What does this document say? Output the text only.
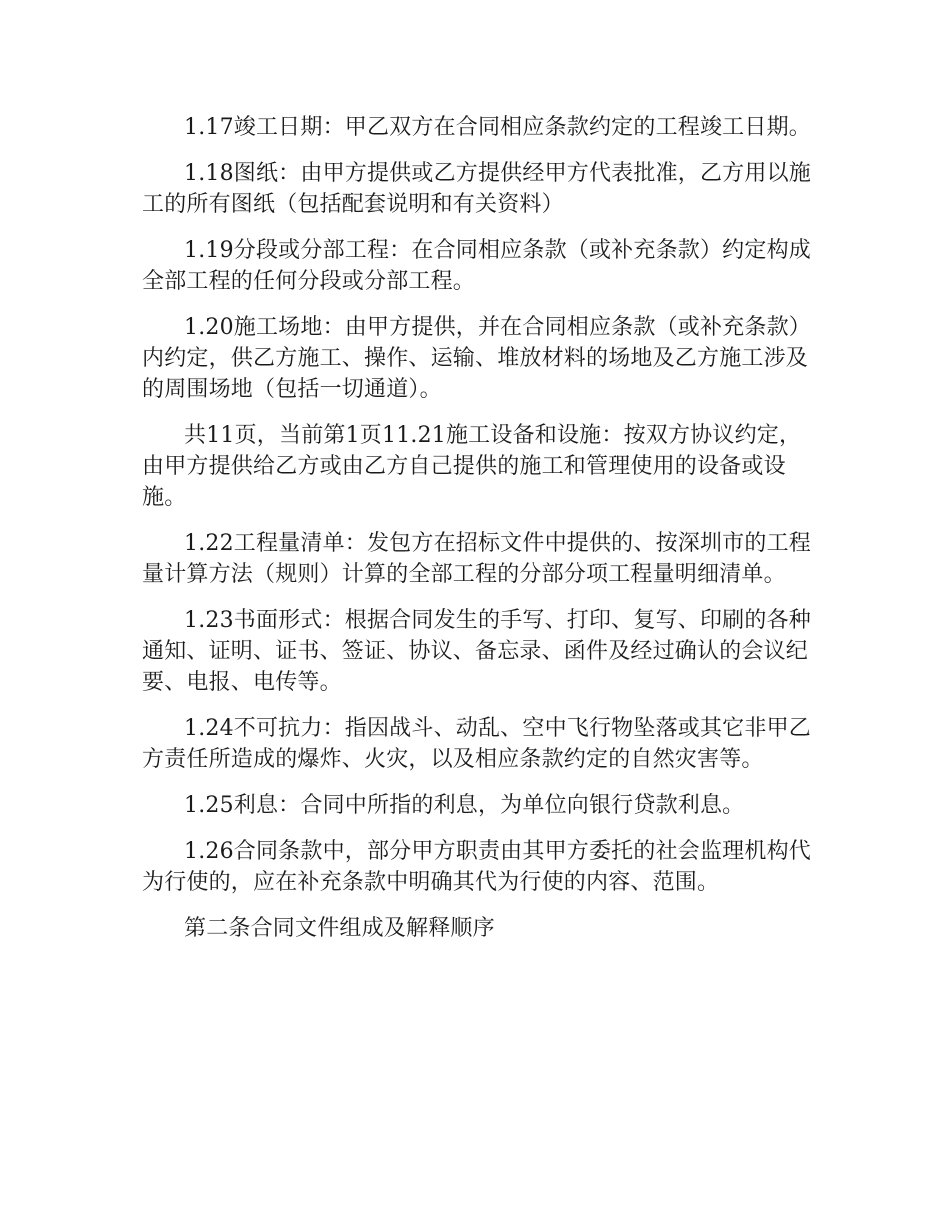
1.17竣工日期：甲乙双方在合同相应条款约定的工程竣工日期。

1.18图纸：由甲方提供或乙方提供经甲方代表批准，乙方用以施工的所有图纸（包括配套说明和有关资料）

1.19分段或分部工程：在合同相应条款（或补充条款）约定构成全部工程的任何分段或分部工程。

1.20施工场地：由甲方提供，并在合同相应条款（或补充条款）内约定，供乙方施工、操作、运输、堆放材料的场地及乙方施工涉及的周围场地（包括一切通道）。

共11页，当前第1页11.21施工设备和设施：按双方协议约定，由甲方提供给乙方或由乙方自己提供的施工和管理使用的设备或设施。

1.22工程量清单：发包方在招标文件中提供的、按深圳市的工程量计算方法（规则）计算的全部工程的分部分项工程量明细清单。

1.23书面形式：根据合同发生的手写、打印、复写、印刷的各种通知、证明、证书、签证、协议、备忘录、函件及经过确认的会议纪要、电报、电传等。

1.24不可抗力：指因战斗、动乱、空中飞行物坠落或其它非甲乙方责任所造成的爆炸、火灾，以及相应条款约定的自然灾害等。

1.25利息：合同中所指的利息，为单位向银行贷款利息。

1.26合同条款中，部分甲方职责由其甲方委托的社会监理机构代为行使的，应在补充条款中明确其代为行使的内容、范围。

第二条合同文件组成及解释顺序
